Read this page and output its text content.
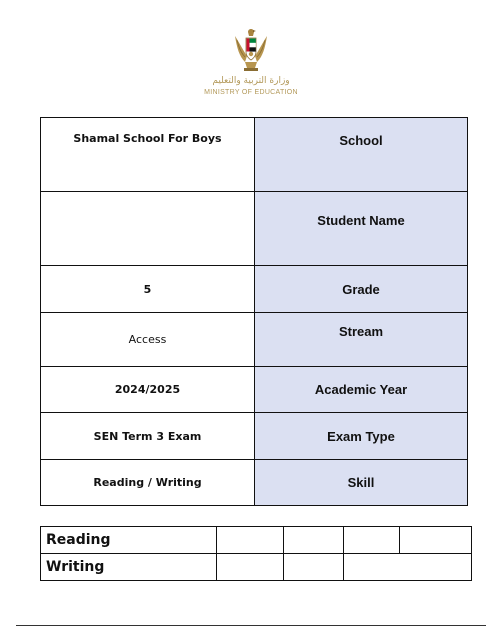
وزارة التربية والتعليم
MINISTRY OF EDUCATION
Shamal School For Boys	School

	Student Name
5	Grade
Access	Stream
2024/2025	Academic Year
SEN Term 3 Exam	Exam Type
Reading / Writing	Skill
Reading				
Writing				
